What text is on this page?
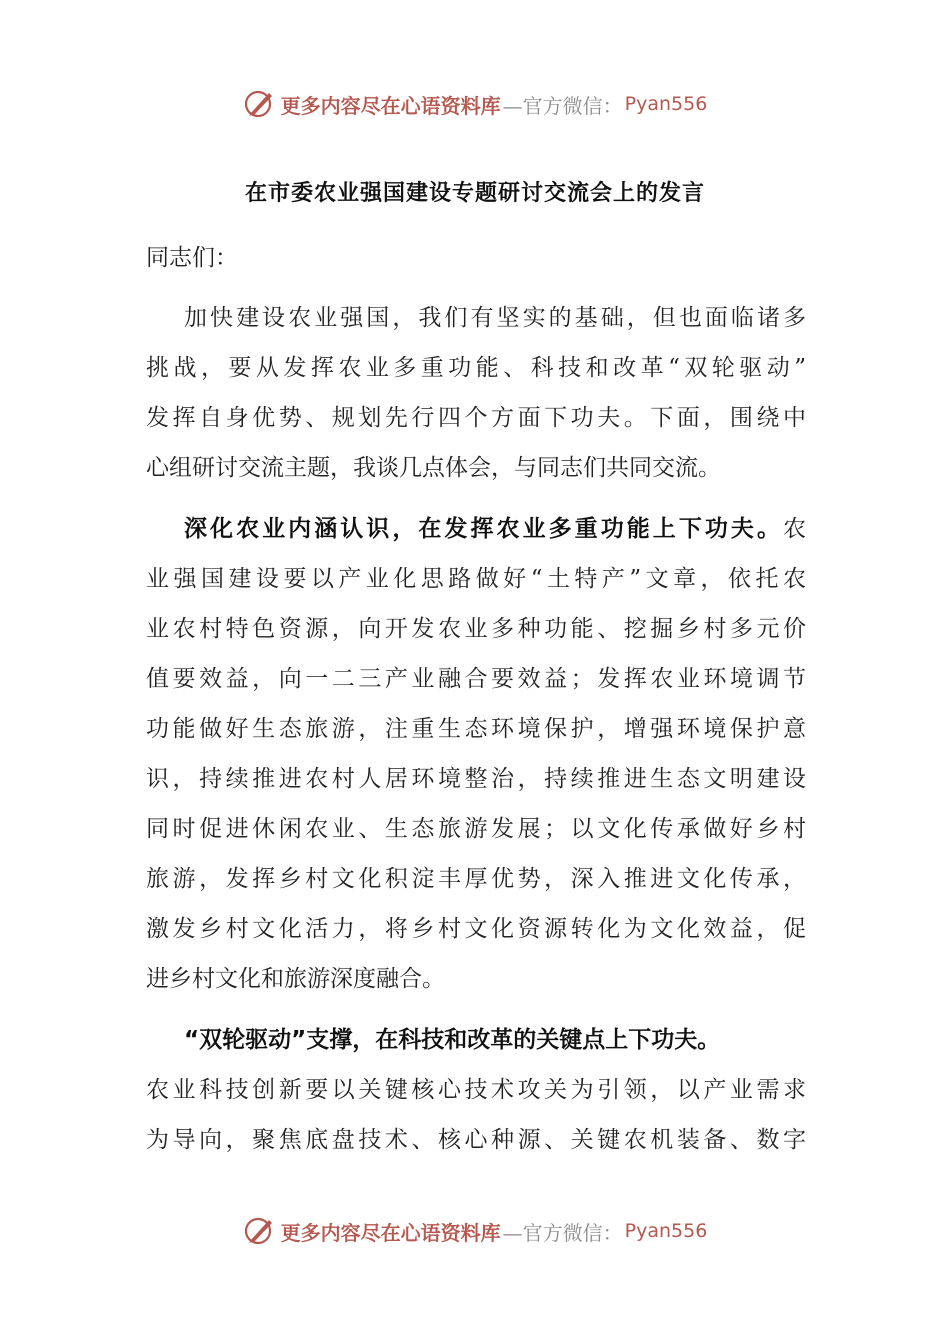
更多内容尽在心语资料库 —官方微信： Pyan556
在市委农业强国建设专题研讨交流会上的发言
同志们：
加快建设农业强国，我们有坚实的基础，但也面临诸多
挑战，要从发挥农业多重功能、科技和改革“双轮驱动”
发挥自身优势、规划先行四个方面下功夫。下面，围绕中
心组研讨交流主题，我谈几点体会，与同志们共同交流。
深化农业内涵认识，在发挥农业多重功能上下功夫。农
业强国建设要以产业化思路做好“土特产”文章，依托农
业农村特色资源，向开发农业多种功能、挖掘乡村多元价
值要效益，向一二三产业融合要效益；发挥农业环境调节
功能做好生态旅游，注重生态环境保护，增强环境保护意
识，持续推进农村人居环境整治，持续推进生态文明建设
同时促进休闲农业、生态旅游发展；以文化传承做好乡村
旅游，发挥乡村文化积淀丰厚优势，深入推进文化传承，
激发乡村文化活力，将乡村文化资源转化为文化效益，促
进乡村文化和旅游深度融合。
“双轮驱动”支撑，在科技和改革的关键点上下功夫。
农业科技创新要以关键核心技术攻关为引领，以产业需求
为导向，聚焦底盘技术、核心种源、关键农机装备、数字
更多内容尽在心语资料库 —官方微信： Pyan556
